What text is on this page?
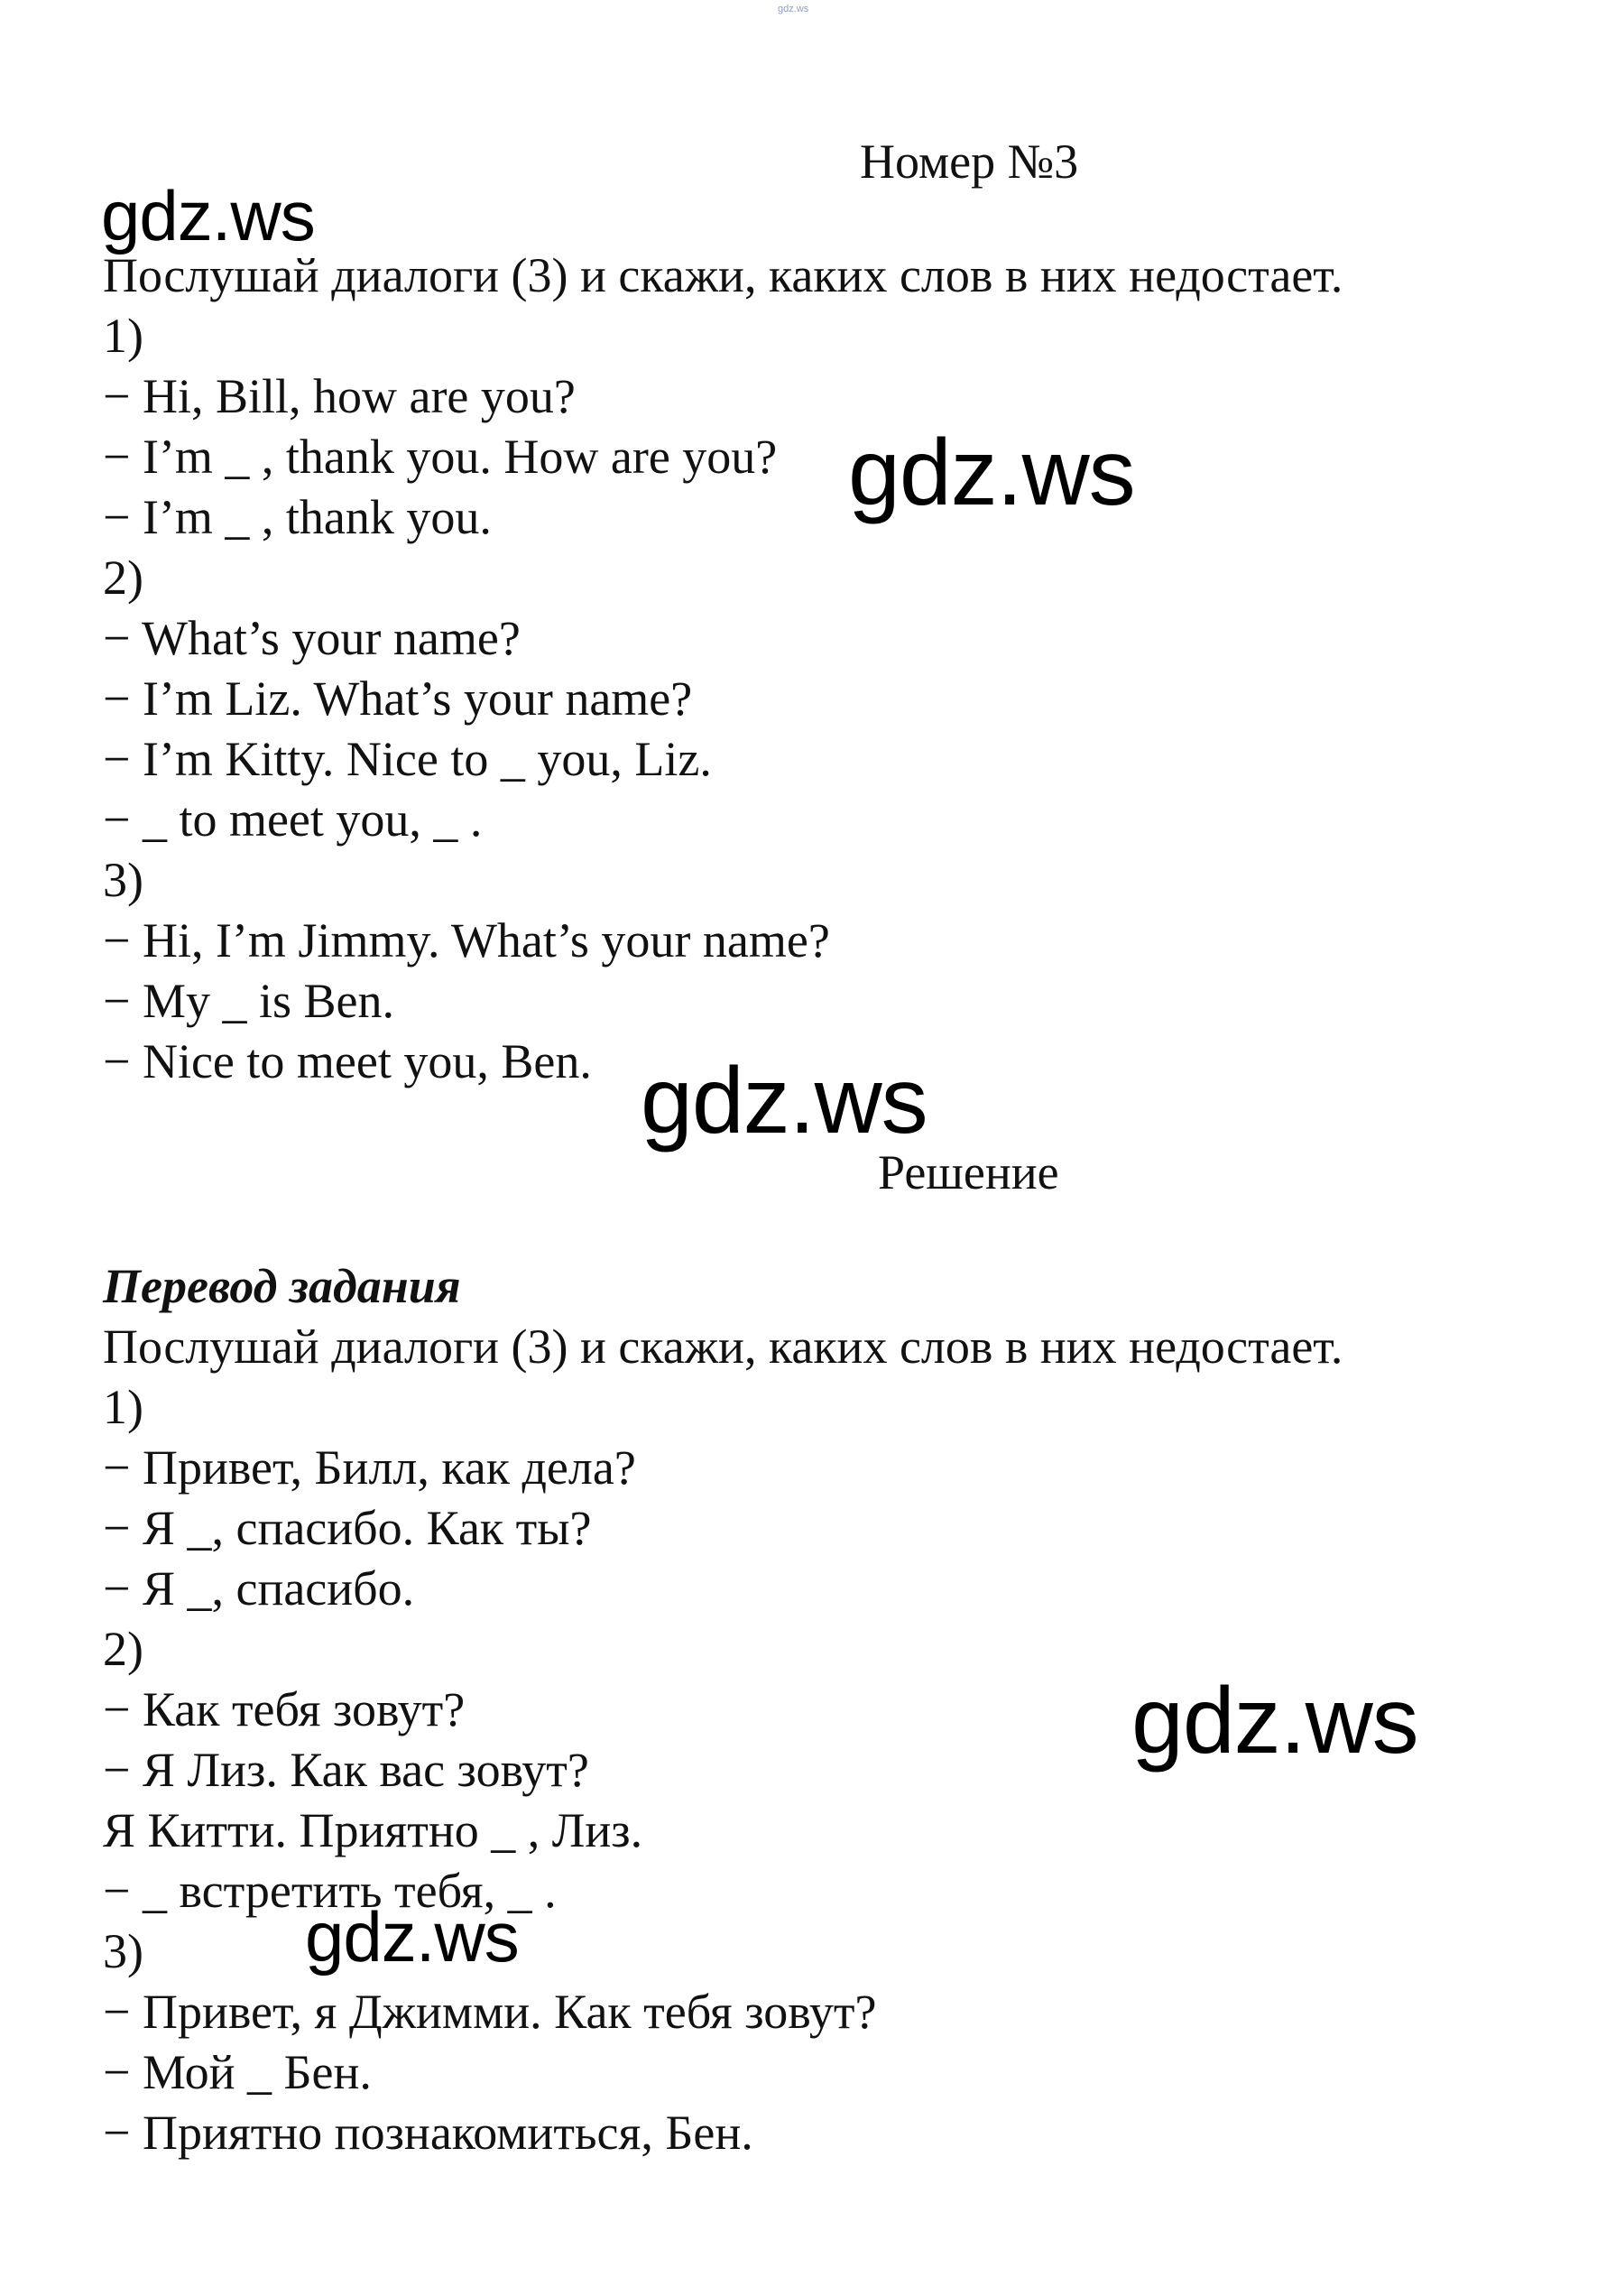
gdz.ws
Номер №3
gdz.ws
Послушай диалоги (3) и скажи, каких слов в них недостает.
1)
− Hi, Bill, how are you?
− I’m _ , thank you. How are you?
− I’m _ , thank you.
2)
− What’s your name?
− I’m Liz. What’s your name?
− I’m Kitty. Nice to _ you, Liz.
− _ to meet you, _ .
3)
− Hi, I’m Jimmy. What’s your name?
− My _ is Ben.
− Nice to meet you, Ben.
gdz.ws
gdz.ws
Решение
Перевод задания
Послушай диалоги (3) и скажи, каких слов в них недостает.
1)
− Привет, Билл, как дела?
− Я _, спасибо. Как ты?
− Я _, спасибо.
2)
− Как тебя зовут?
− Я Лиз. Как вас зовут?
Я Китти. Приятно _ , Лиз.
− _ встретить тебя, _ .
3)
− Привет, я Джимми. Как тебя зовут?
− Мой _ Бен.
− Приятно познакомиться, Бен.
gdz.ws
gdz.ws
